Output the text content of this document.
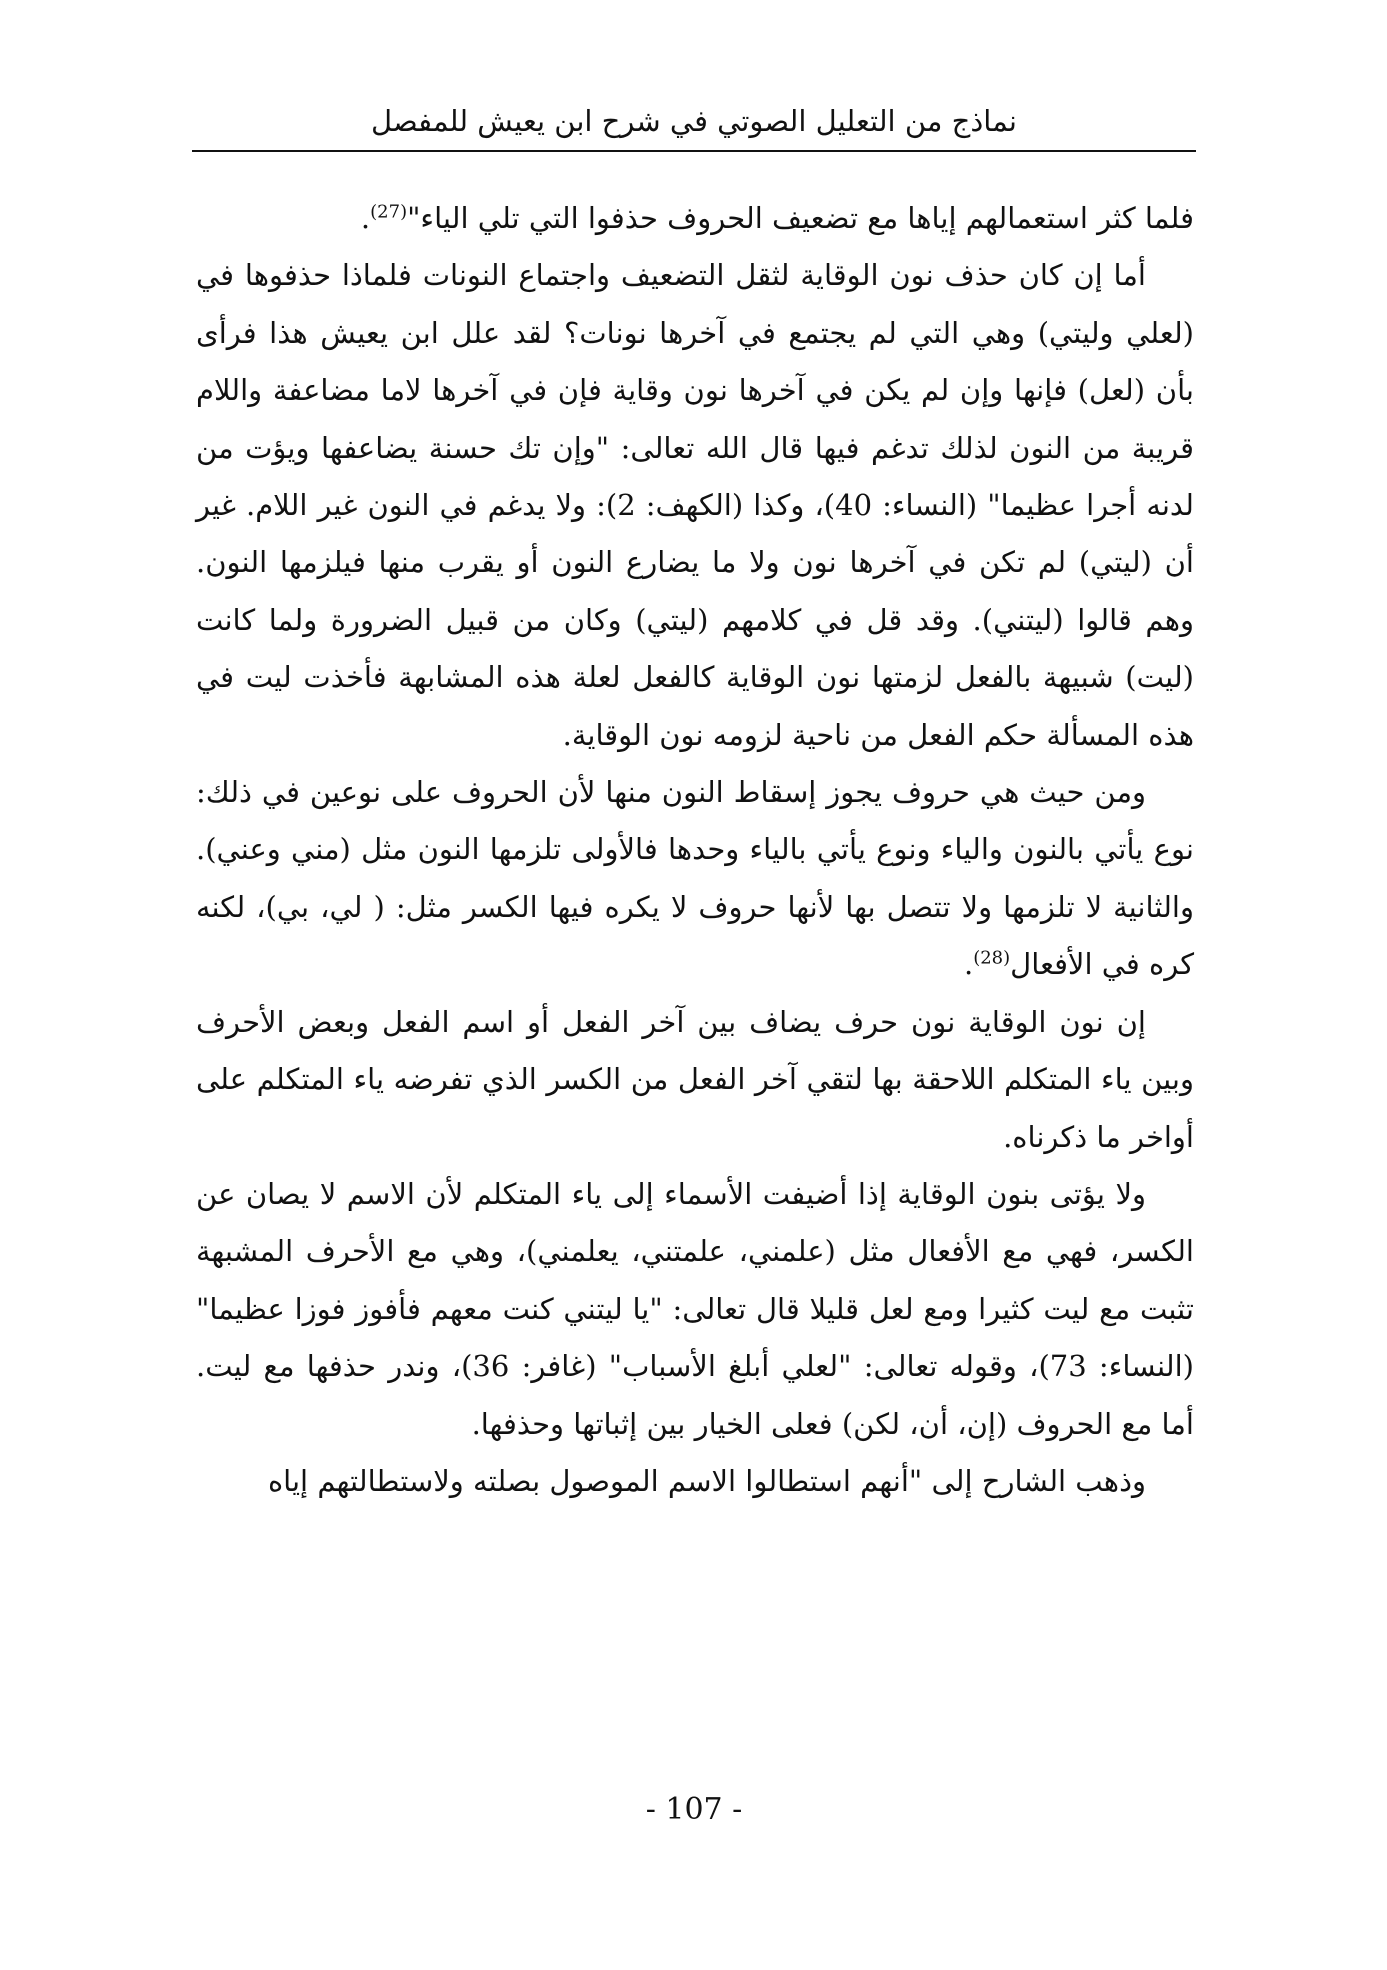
نماذج من التعليل الصوتي في شرح ابن يعيش للمفصل

فلما كثر استعمالهم إياها مع تضعيف الحروف حذفوا التي تلي الياء"$^{(27)}$.

أما إن كان حذف نون الوقاية لثقل التضعيف واجتماع النونات فلماذا حذفوها في (لعلي وليتي) وهي التي لم يجتمع في آخرها نونات؟ لقد علل ابن يعيش هذا فرأى بأن (لعل) فإنها وإن لم يكن في آخرها نون وقاية فإن في آخرها لاما مضاعفة واللام قريبة من النون لذلك تدغم فيها قال الله تعالى: "وإن تك حسنة يضاعفها ويؤت من لدنه أجرا عظيما" (النساء: 40)، وكذا (الكهف: 2): ولا يدغم في النون غير اللام. غير أن (ليتي) لم تكن في آخرها نون ولا ما يضارع النون أو يقرب منها فيلزمها النون. وهم قالوا (ليتني). وقد قل في كلامهم (ليتي) وكان من قبيل الضرورة ولما كانت (ليت) شبيهة بالفعل لزمتها نون الوقاية كالفعل لعلة هذه المشابهة فأخذت ليت في هذه المسألة حكم الفعل من ناحية لزومه نون الوقاية.

ومن حيث هي حروف يجوز إسقاط النون منها لأن الحروف على نوعين في ذلك: نوع يأتي بالنون والياء ونوع يأتي بالياء وحدها فالأولى تلزمها النون مثل (مني وعني). والثانية لا تلزمها ولا تتصل بها لأنها حروف لا يكره فيها الكسر مثل: ( لي، بي)، لكنه كره في الأفعال$^{(28)}$.

إن نون الوقاية نون حرف يضاف بين آخر الفعل أو اسم الفعل وبعض الأحرف وبين ياء المتكلم اللاحقة بها لتقي آخر الفعل من الكسر الذي تفرضه ياء المتكلم على أواخر ما ذكرناه.

ولا يؤتى بنون الوقاية إذا أضيفت الأسماء إلى ياء المتكلم لأن الاسم لا يصان عن الكسر، فهي مع الأفعال مثل (علمني، علمتني، يعلمني)، وهي مع الأحرف المشبهة تثبت مع ليت كثيرا ومع لعل قليلا قال تعالى: "يا ليتني كنت معهم فأفوز فوزا عظيما" (النساء: 73)، وقوله تعالى: "لعلي أبلغ الأسباب" (غافر: 36)، وندر حذفها مع ليت. أما مع الحروف (إن، أن، لكن) فعلى الخيار بين إثباتها وحذفها.

وذهب الشارح إلى "أنهم استطالوا الاسم الموصول بصلته ولاستطالتهم إياه

- 107 -
